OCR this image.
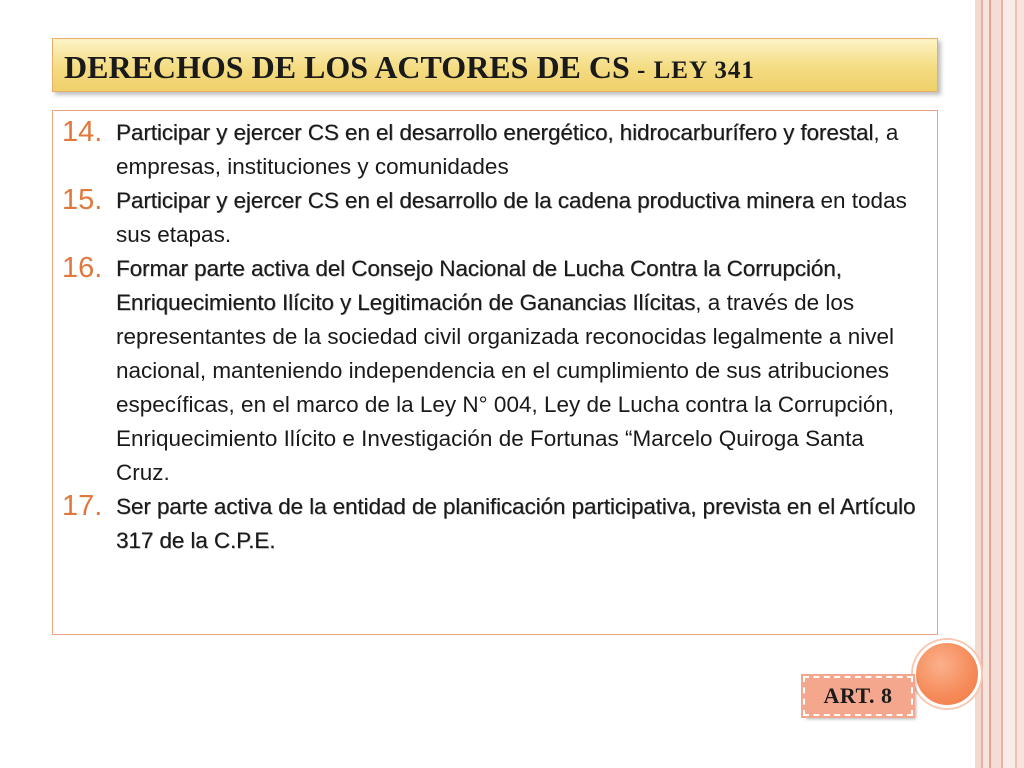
DERECHOS DE LOS ACTORES DE CS - LEY 341
14. Participar y ejercer CS en el desarrollo energético, hidrocarburífero y forestal, a empresas, instituciones y comunidades
15. Participar y ejercer CS en el desarrollo de la cadena productiva minera en todas sus etapas.
16. Formar parte activa del Consejo Nacional de Lucha Contra la Corrupción, Enriquecimiento Ilícito y Legitimación de Ganancias Ilícitas, a través de los representantes de la sociedad civil organizada reconocidas legalmente a nivel nacional, manteniendo independencia en el cumplimiento de sus atribuciones específicas, en el marco de la Ley N° 004, Ley de Lucha contra la Corrupción, Enriquecimiento Ilícito e Investigación de Fortunas “Marcelo Quiroga Santa Cruz.
17. Ser parte activa de la entidad de planificación participativa, prevista en el Artículo 317 de la C.P.E.
ART. 8
